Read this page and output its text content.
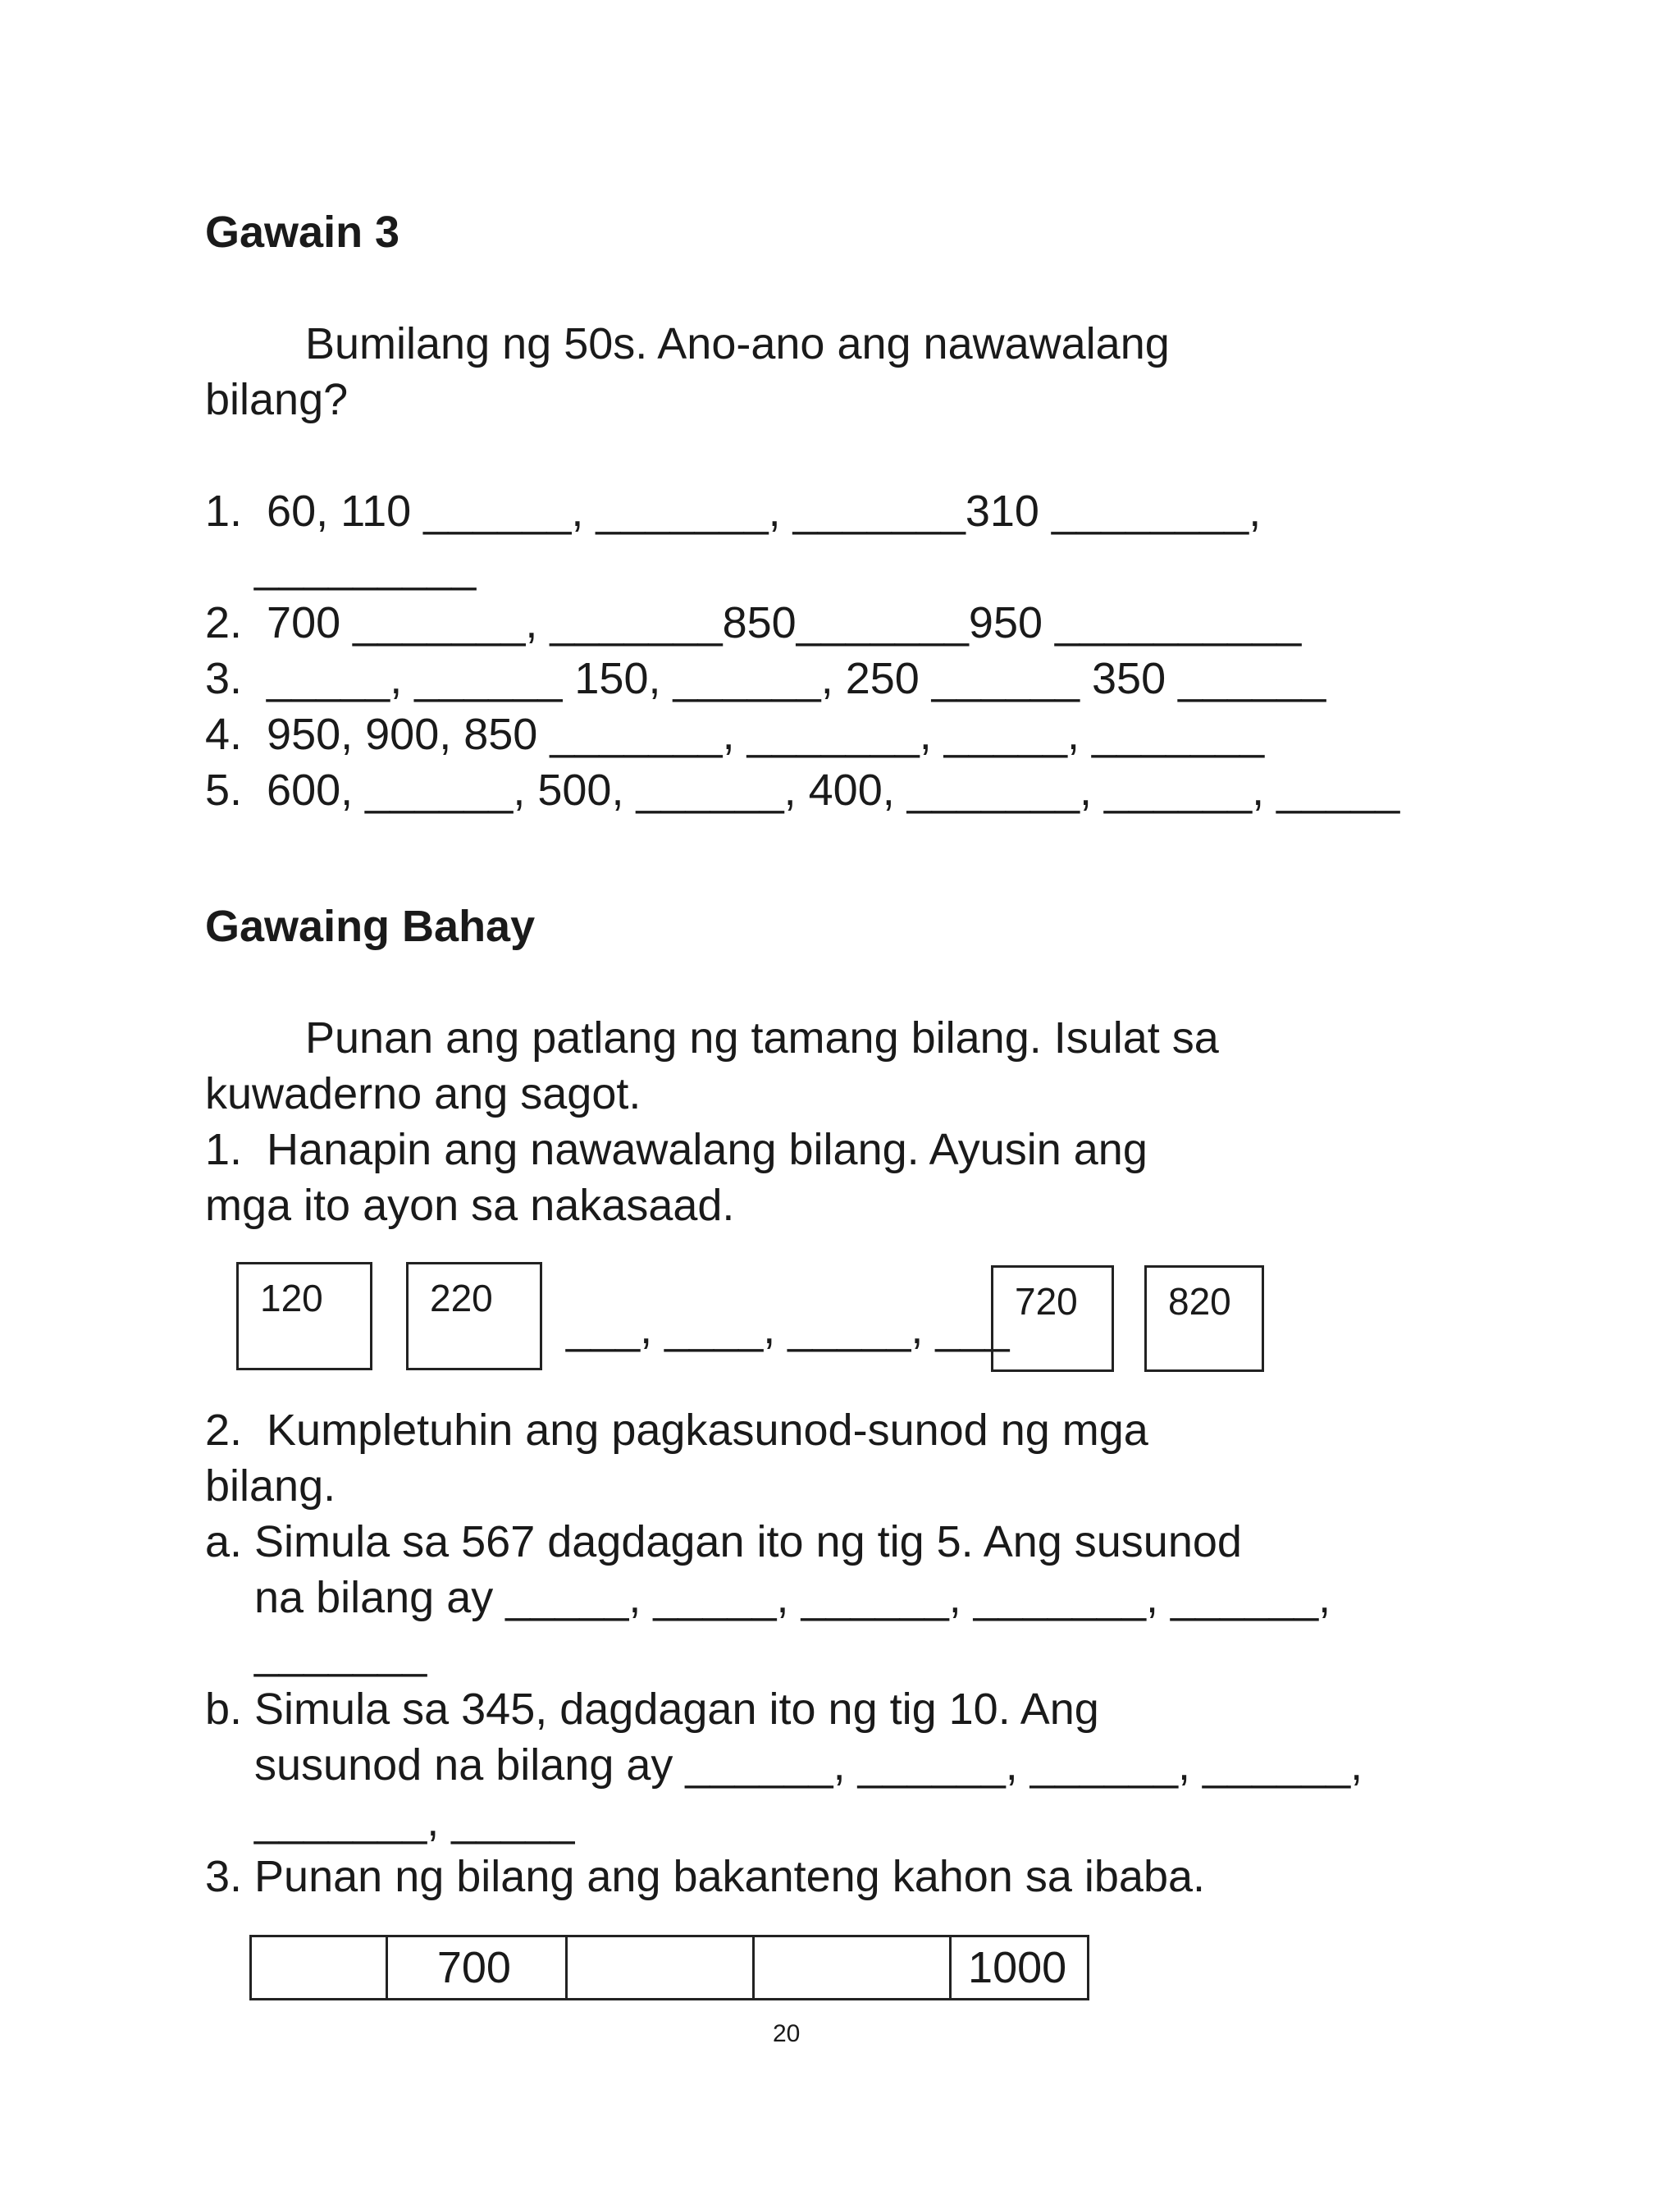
Gawain 3
Bumilang ng 50s. Ano-ano ang nawawalang
bilang?
1.  60, 110 ______, _______, _______310 ________,
_________
2.  700 _______, _______850_______950 __________
3.  _____, ______ 150, ______, 250 ______ 350 ______
4.  950, 900, 850 _______, _______, _____, _______
5.  600, ______, 500, ______, 400, _______, ______, _____
Gawaing Bahay
Punan ang patlang ng tamang bilang. Isulat sa
kuwaderno ang sagot.
1.  Hanapin ang nawawalang bilang. Ayusin ang
mga ito ayon sa nakasaad.
120	220
___, ____, _____, ___
720	820
2.  Kumpletuhin ang pagkasunod-sunod ng mga
bilang.
a. Simula sa 567 dagdagan ito ng tig 5. Ang susunod
na bilang ay _____, _____, ______, _______, ______,
_______
b. Simula sa 345, dagdagan ito ng tig 10. Ang
susunod na bilang ay ______, ______, ______, ______,
_______, _____
3. Punan ng bilang ang bakanteng kahon sa ibaba.
	700			1000
20
